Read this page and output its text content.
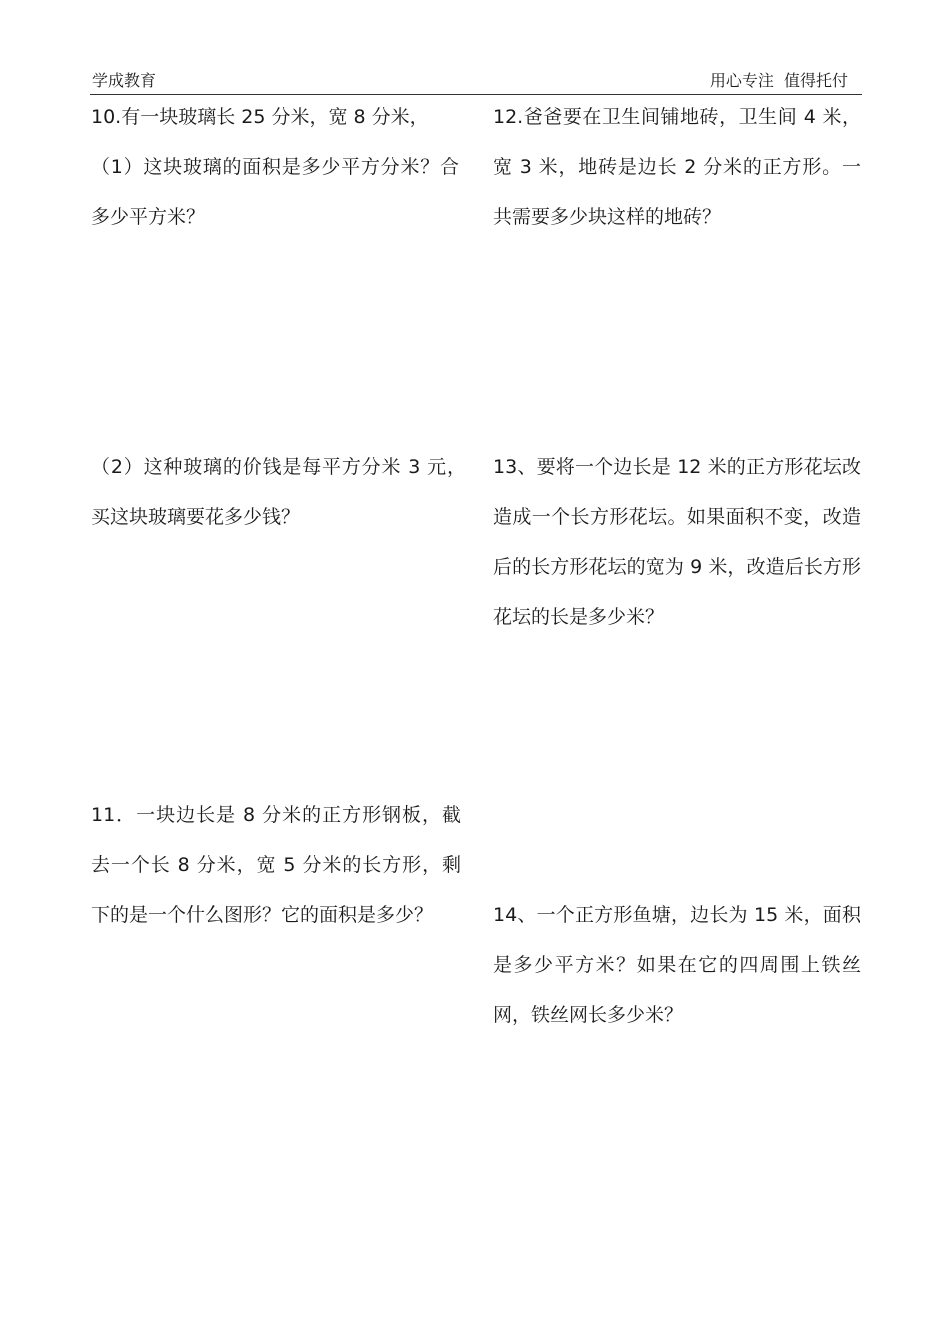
学成教育	用心专注  值得托付

10.有一块玻璃长 25 分米，宽 8 分米，

（1）这块玻璃的面积是多少平方分米？合多少平方米？

（2）这种玻璃的价钱是每平方分米 3 元，买这块玻璃要花多少钱？

11．一块边长是 8 分米的正方形钢板，截去一个长 8 分米，宽 5 分米的长方形，剩下的是一个什么图形？它的面积是多少？

12.爸爸要在卫生间铺地砖，卫生间 4 米，宽 3 米，地砖是边长 2 分米的正方形。一共需要多少块这样的地砖？

13、要将一个边长是 12 米的正方形花坛改造成一个长方形花坛。如果面积不变，改造后的长方形花坛的宽为 9 米，改造后长方形花坛的长是多少米？

14、一个正方形鱼塘，边长为 15 米，面积是多少平方米？如果在它的四周围上铁丝网，铁丝网长多少米？
